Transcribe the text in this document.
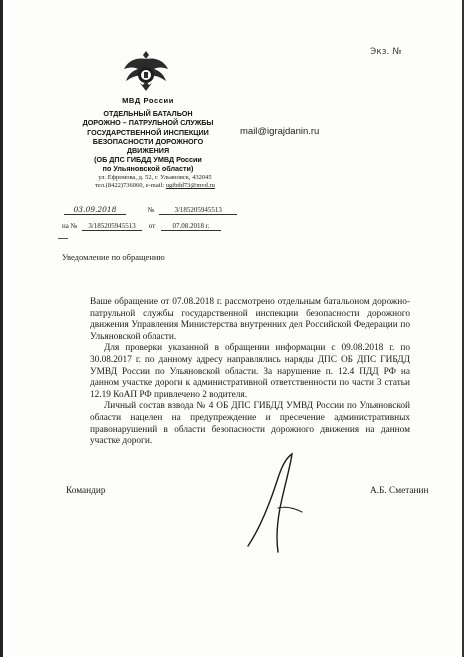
Экз. №
МВД России
ОТДЕЛЬНЫЙ БАТАЛЬОН
ДОРОЖНО – ПАТРУЛЬНОЙ СЛУЖБЫ
ГОСУДАРСТВЕННОЙ ИНСПЕКЦИИ
БЕЗОПАСНОСТИ ДОРОЖНОГО
ДВИЖЕНИЯ
(ОБ ДПС ГИБДД УМВД России
по Ульяновской области)
ул. Ефремова, д. 52, г. Ульяновск, 432045
тел.(8422)736060, e-mail: ugibdd73@mvd.ru
mail@igrajdanin.ru
03.09.2018	№	3/185205945513
на № 3/185205945513 от 07.08.2018 г.
Уведомление по обращению

Ваше обращение от 07.08.2018 г. рассмотрено отдельным батальоном дорожно-патрульной службы государственной инспекции безопасности дорожного движения Управления Министерства внутренних дел Российской Федерации по Ульяновской области.

Для проверки указанной в обращении информации с 09.08.2018 г. по 30.08.2017 г. по данному адресу направлялись наряды ДПС ОБ ДПС ГИБДД УМВД России по Ульяновской области. За нарушение п. 12.4 ПДД РФ на данном участке дороги к административной ответственности по части 3 статьи 12.19 КоАП РФ привлечено 2 водителя.

Личный состав взвода № 4 ОБ ДПС ГИБДД УМВД России по Ульяновской области нацелен на предупреждение и пресечение административных правонарушений в области безопасности дорожного движения на данном участке дороги.

Командир	А.Б. Сметанин
